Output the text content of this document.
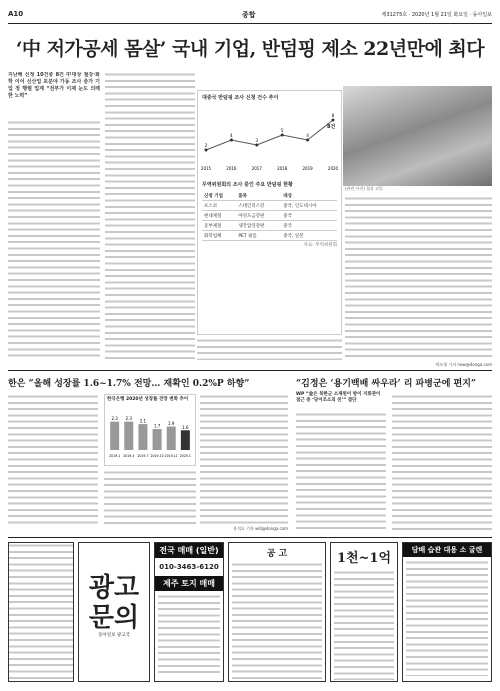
A10	종합	제31275호 · 2020년 1월 21일 화요일 · 동아일보
‘中 저가공세 몸살’ 국내 기업, 반덤핑 제소 22년만에 최다
지난해 신청 10건중 8건 中대상 철강·화학 이어 신산업 포분야 가동 조사 증가 기업 정 행렬 업계 “전부가 이제 눈도 의례한 노력”	대중국 반덤핑 조사 신청 건수 추이
2
4
3
5
4
8
2015	2016	2017	2018	2019	2020
8건
무역위원회의 조사 중인 주요 반덤핑 현황
신청 기업	품목	대상
포스코	스테인리스강	중국, 인도네시아
현대제철	아연도금강판	중국
동부제철	냉간압연강판	중국
화학업체	PET 필름	중국, 일본
자료: 무역위원회
(관련 사진) 철강 코일
곽도영 기자 now@donga.com
한은 “올해 성장률 1.6~1.7% 전망… 재확인 0.2%P 하향”
한국은행 2020년 성장률 전망 변화 추이
2.3
2019.1
2.3
2019.4
2.1
2019.7
1.7
2019.10
1.9
2019.11
1.6
2020.1
홍석호 기자 will@donga.com
“김정은 ‘용기백배 싸우라’ 리 파병군에 편지”
WP “金은 북한군 소재원이 방이 지휘관이 접근 중 ‘당이조소의 친’” 결단
광고 문의
동아일보 광고국
전국 매매 (일반)
010-3463-6120
제주 토지 매매
공 고	1천~1억
담배 습관 대용 소 굴렌
